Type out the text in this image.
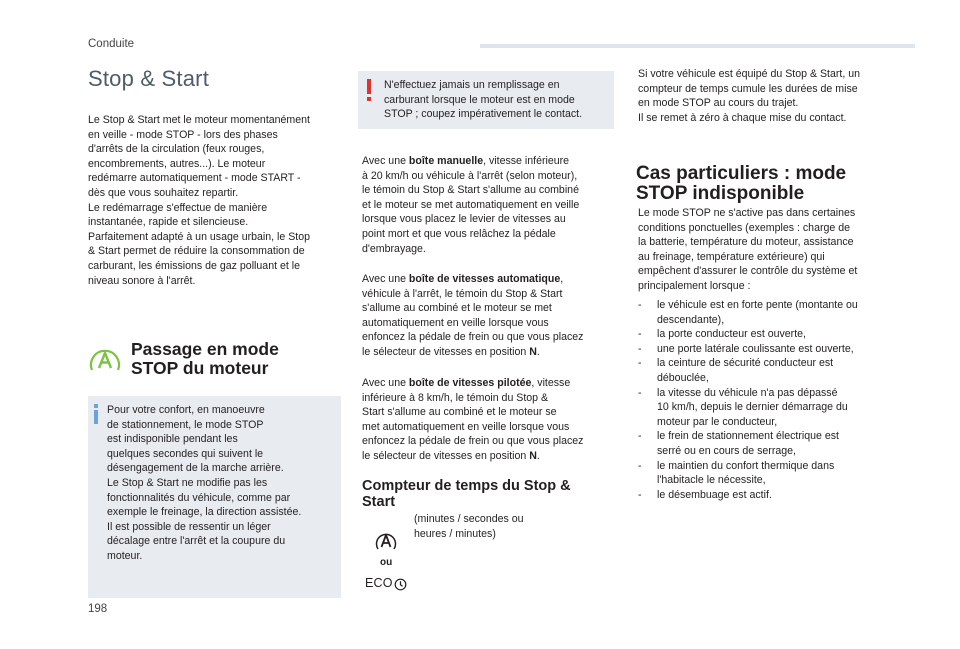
Conduite
Stop & Start
Le Stop & Start met le moteur momentanément
en veille - mode STOP - lors des phases
d'arrêts de la circulation (feux rouges,
encombrements, autres...). Le moteur
redémarre automatiquement - mode START -
dès que vous souhaitez repartir.
Le redémarrage s'effectue de manière
instantanée, rapide et silencieuse.
Parfaitement adapté à un usage urbain, le Stop
& Start permet de réduire la consommation de
carburant, les émissions de gaz polluant et le
niveau sonore à l'arrêt.
Passage en mode
STOP du moteur
Pour votre confort, en manoeuvre
de stationnement, le mode STOP
est indisponible pendant les
quelques secondes qui suivent le
désengagement de la marche arrière.
Le Stop & Start ne modifie pas les
fonctionnalités du véhicule, comme par
exemple le freinage, la direction assistée.
Il est possible de ressentir un léger
décalage entre l'arrêt et la coupure du
moteur.
N'effectuez jamais un remplissage en
carburant lorsque le moteur est en mode
STOP ; coupez impérativement le contact.
Avec une boîte manuelle, vitesse inférieure
à 20 km/h ou véhicule à l'arrêt (selon moteur),
le témoin du Stop & Start s'allume au combiné
et le moteur se met automatiquement en veille
lorsque vous placez le levier de vitesses au
point mort et que vous relâchez la pédale
d'embrayage.
Avec une boîte de vitesses automatique,
véhicule à l'arrêt, le témoin du Stop & Start
s'allume au combiné et le moteur se met
automatiquement en veille lorsque vous
enfoncez la pédale de frein ou que vous placez
le sélecteur de vitesses en position N.
Avec une boîte de vitesses pilotée, vitesse
inférieure à 8 km/h, le témoin du Stop &
Start s'allume au combiné et le moteur se
met automatiquement en veille lorsque vous
enfoncez la pédale de frein ou que vous placez
le sélecteur de vitesses en position N.
Compteur de temps du Stop &
Start
(minutes / secondes ou
heures / minutes)
ou
ECO
Si votre véhicule est équipé du Stop & Start, un
compteur de temps cumule les durées de mise
en mode STOP au cours du trajet.
Il se remet à zéro à chaque mise du contact.
Cas particuliers : mode
STOP indisponible
Le mode STOP ne s'active pas dans certaines
conditions ponctuelles (exemples : charge de
la batterie, température du moteur, assistance
au freinage, température extérieure) qui
empêchent d'assurer le contrôle du système et
principalement lorsque :
- le véhicule est en forte pente (montante ou
descendante),
- la porte conducteur est ouverte,
- une porte latérale coulissante est ouverte,
- la ceinture de sécurité conducteur est
débouclée,
- la vitesse du véhicule n'a pas dépassé
10 km/h, depuis le dernier démarrage du
moteur par le conducteur,
- le frein de stationnement électrique est
serré ou en cours de serrage,
- le maintien du confort thermique dans
l'habitacle le nécessite,
- le désembuage est actif.
198
